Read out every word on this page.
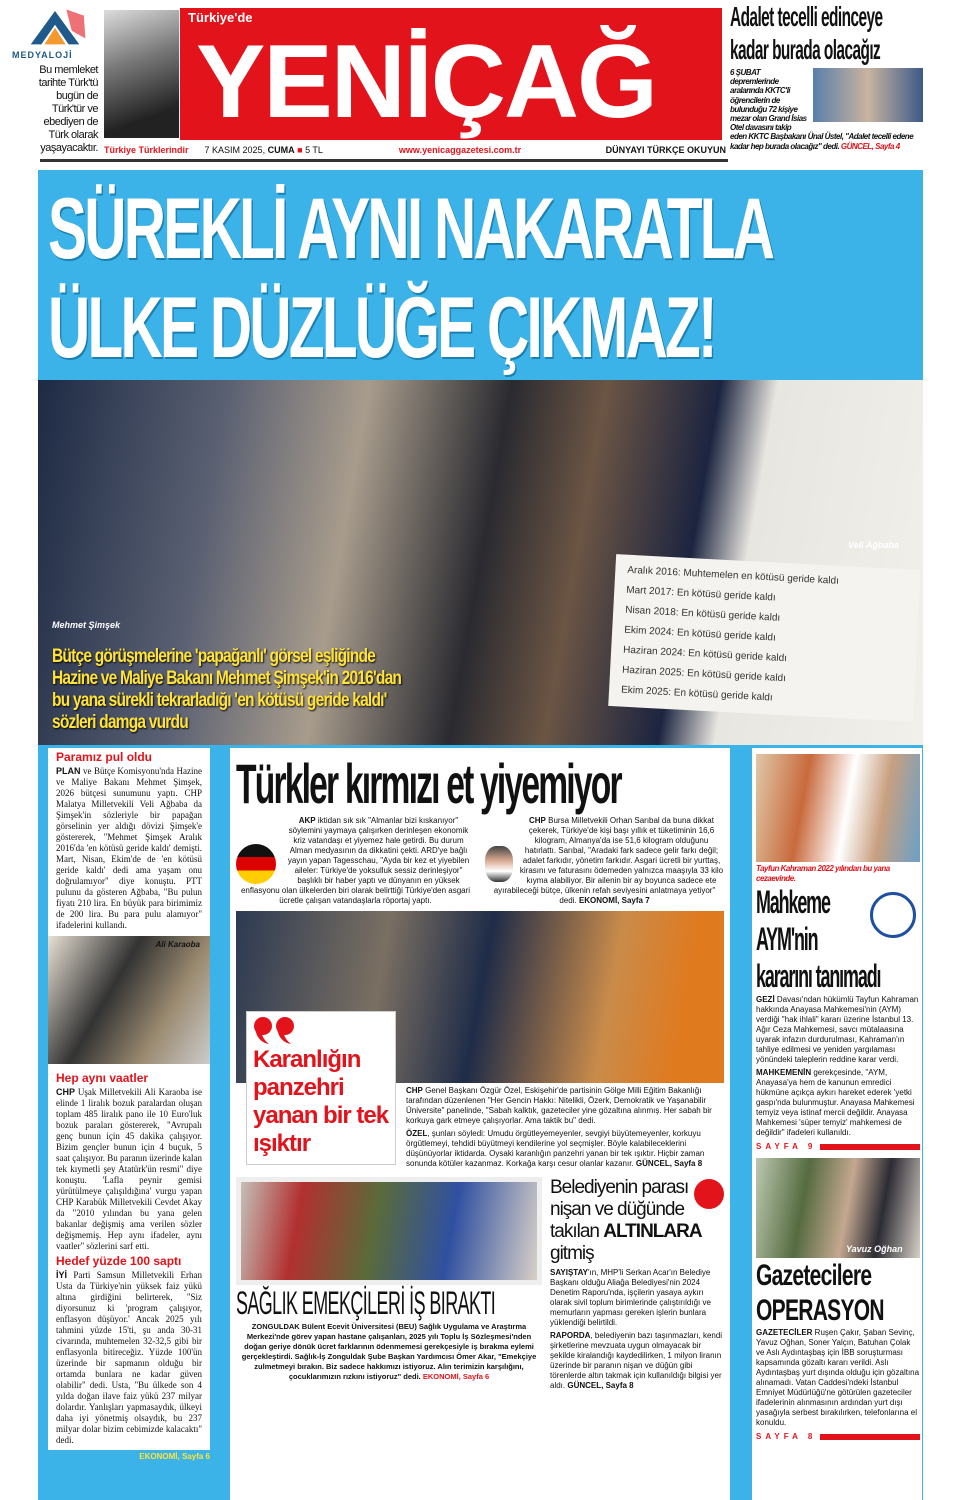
MEDYALOJİ
Bu memleket tarihte Türk'tü bugün de Türk'tür ve ebediyen de Türk olarak yaşayacaktır.
Türkiye'de
YENİÇAĞ
Türkiye Türklerindir 7 KASIM 2025, CUMA ■ 5 TL	www.yenicaggazetesi.com.tr	DÜNYAYI TÜRKÇE OKUYUN
Adalet tecelli edinceye kadar burada olacağız
6 ŞUBAT depremlerinde aralarında KKTC'li öğrencilerin de bulunduğu 72 kişiye mezar olan Grand İsias Otel davasını takip eden KKTC Başbakanı Ünal Üstel, "Adalet tecelli edene kadar hep burada olacağız" dedi. GÜNCEL, Sayfa 4
SÜREKLİ AYNI NAKARATLA
ÜLKE DÜZLÜĞE ÇIKMAZ!
Aralık 2016: Muhtemelen en kötüsü geride kaldı
Mart 2017: En kötüsü geride kaldı
Nisan 2018: En kötüsü geride kaldı
Ekim 2024: En kötüsü geride kaldı
Haziran 2024: En kötüsü geride kaldı
Haziran 2025: En kötüsü geride kaldı
Ekim 2025: En kötüsü geride kaldı
Mehmet Şimşek
Veli Ağbaba
Bütçe görüşmelerine 'papağanlı' görsel eşliğinde Hazine ve Maliye Bakanı Mehmet Şimşek'in 2016'dan bu yana sürekli tekrarladığı 'en kötüsü geride kaldı' sözleri damga vurdu
Paramız pul oldu

PLAN ve Bütçe Komisyonu'nda Hazine ve Maliye Bakanı Mehmet Şimşek, 2026 bütçesi sunumunu yaptı. CHP Malatya Milletvekili Veli Ağbaba da Şimşek'in sözleriyle bir papağan görselinin yer aldığı dövizi Şimşek'e göstererek, "Mehmet Şimşek Aralık 2016'da 'en kötüsü geride kaldı' demişti. Mart, Nisan, Ekim'de de 'en kötüsü geride kaldı' dedi ama yaşam onu doğrulamıyor" diye konuştu. PTT pulunu da gösteren Ağbaba, "Bu pulun fiyatı 210 lira. En büyük para birimimiz de 200 lira. Bu para pulu alamıyor" ifadelerini kullandı.

Ali Karaoba
Hep aynı vaatler

CHP Uşak Milletvekili Ali Karaoba ise elinde 1 liralık bozuk paralardan oluşan toplam 485 liralık pano ile 10 Euro'luk bozuk paraları göstererek, "Avrupalı genç bunun için 45 dakika çalışıyor. Bizim gençler bunun için 4 buçuk, 5 saat çalışıyor. Bu paranın üzerinde kalan tek kıymetli şey Atatürk'ün resmi" diye konuştu. 'Lafla peynir gemisi yürütülmeye çalışıldığına' vurgu yapan CHP Karabük Milletvekili Cevdet Akay da "2010 yılından bu yana gelen bakanlar değişmiş ama verilen sözler değişmemiş. Hep aynı ifadeler, aynı vaatler" sözlerini sarf etti.

Hedef yüzde 100 saptı

İYİ Parti Samsun Milletvekili Erhan Usta da Türkiye'nin yüksek faiz yükü altına girdiğini belirterek, "Siz diyorsunuz ki 'program çalışıyor, enflasyon düşüyor.' Ancak 2025 yılı tahmini yüzde 15'ti, şu anda 30-31 civarında, muhtemelen 32-32,5 gibi bir enflasyonla bitireceğiz. Yüzde 100'ün üzerinde bir sapmanın olduğu bir ortamda bunlara ne kadar güven olabilir" dedi. Usta, "Bu ülkede son 4 yılda doğan ilave faiz yükü 237 milyar dolardır. Yanlışları yapmasaydık, ülkeyi daha iyi yönetmiş olsaydık, bu 237 milyar dolar bizim cebimizde kalacaktı" dedi.

EKONOMİ, Sayfa 6
Türkler kırmızı et yiyemiyor

AKP iktidan sık sık "Almanlar bizi kıskanıyor" söylemini yaymaya çalışırken derinleşen ekonomik kriz vatandaşı et yiyemez hale getirdi. Bu durum Alman medyasının da dikkatini çekti. ARD'ye bağlı yayın yapan Tagesschau, "Ayda bir kez et yiyebilen aileler: Türkiye'de yoksulluk sessiz derinleşiyor" başlıklı bir haber yaptı ve dünyanın en yüksek enflasyonu olan ülkelerden biri olarak belirttiği Türkiye'den asgari ücretle çalışan vatandaşlarla röportaj yaptı.

CHP Bursa Milletvekili Orhan Sarıbal da buna dikkat çekerek, Türkiye'de kişi başı yıllık et tüketiminin 16,6 kilogram, Almanya'da ise 51,6 kilogram olduğunu hatırlattı. Sarıbal, "Aradaki fark sadece gelir farkı değil; adalet farkıdır, yönetim farkıdır. Asgari ücretli bir yurttaş, kirasını ve faturasını ödemeden yalnızca maaşıyla 33 kilo kıyma alabiliyor. Bir ailenin bir ay boyunca sadece ete ayırabileceği bütçe, ülkenin refah seviyesini anlatmaya yetiyor" dedi. EKONOMİ, Sayfa 7

Karanlığın panzehri yanan bir tek ışıktır

CHP Genel Başkanı Özgür Özel, Eskişehir'de partisinin Gölge Milli Eğitim Bakanlığı tarafından düzenlenen "Her Gencin Hakkı: Nitelikli, Özerk, Demokratik ve Yaşanabilir Üniversite" panelinde, "Sabah kalktık, gazeteciler yine gözaltına alınmış. Her sabah bir korkuya gark etmeye çalışıyorlar. Ama taktik bu" dedi.

ÖZEL, şunları söyledi: Umudu örgütleyemeyenler, sevgiyi büyütemeyenler, korkuyu örgütlemeyi, tehdidi büyütmeyi kendilerine yol seçmişler. Böyle kalabileceklerini düşünüyorlar iktidarda. Oysaki karanlığın panzehri yanan bir tek ışıktır. Hiçbir zaman sonunda kötüler kazanmaz. Korkağa karşı cesur olanlar kazanır. GÜNCEL, Sayfa 8

SAĞLIK EMEKÇİLERİ İŞ BIRAKTI

ZONGULDAK Bülent Ecevit Üniversitesi (BEU) Sağlık Uygulama ve Araştırma Merkezi'nde görev yapan hastane çalışanları, 2025 yılı Toplu İş Sözleşmesi'nden doğan geriye dönük ücret farklarının ödenmemesi gerekçesiyle iş bırakma eylemi gerçekleştirdi. Sağlık-İş Zonguldak Şube Başkan Yardımcısı Ömer Akar, "Emekçiye zulmetmeyi bırakın. Biz sadece hakkımızı istiyoruz. Alın terimizin karşılığını, çocuklarımızın rızkını istiyoruz" dedi. EKONOMİ, Sayfa 6

Belediyenin parası nişan ve düğünde takılan ALTINLARA gitmiş

SAYIŞTAY'ın, MHP'li Serkan Acar'ın Belediye Başkanı olduğu Aliağa Belediyesi'nin 2024 Denetim Raporu'nda, işçilerin yasaya aykırı olarak sivil toplum birimlerinde çalıştırıldığı ve memurların yapması gereken işlerin bunlara yüklendiği belirtildi.

RAPORDA, belediyenin bazı taşınmazları, kendi şirketlerine mevzuata uygun olmayacak bir şekilde kiralandığı kaydedilirken, 1 milyon liranın üzerinde bir paranın nişan ve düğün gibi törenlerde altın takmak için kullanıldığı bilgisi yer aldı. GÜNCEL, Sayfa 8

Tayfun Kahraman 2022 yılından bu yana cezaevinde.
Mahkeme
AYM'nin
kararını tanımadı

GEZİ Davası'ndan hükümlü Tayfun Kahraman hakkında Anayasa Mahkemesi'nin (AYM) verdiği "hak ihlali" kararı üzerine İstanbul 13. Ağır Ceza Mahkemesi, savcı mütalaasına uyarak infazın durdurulması, Kahraman'ın tahliye edilmesi ve yeniden yargılaması yönündeki taleplerin reddine karar verdi.

MAHKEMENİN gerekçesinde, "AYM, Anayasa'ya hem de kanunun emredici hükmüne açıkça aykırı hareket ederek 'yetki gaspı'nda bulunmuştur. Anayasa Mahkemesi temyiz veya istinaf mercii değildir. Anayasa Mahkemesi 'süper temyiz' mahkemesi de değildir" ifadeleri kullanıldı.

SAYFA 9
Yavuz Oğhan
Gazetecilere
OPERASYON

GAZETECİLER Ruşen Çakır, Şaban Sevinç, Yavuz Oğhan, Soner Yalçın, Batuhan Çolak ve Aslı Aydıntaşbaş için İBB soruşturması kapsamında gözaltı kararı verildi. Aslı Aydıntaşbaş yurt dışında olduğu için gözaltına alınamadı. Vatan Caddesi'ndeki İstanbul Emniyet Müdürlüğü'ne götürülen gazeteciler ifadelerinin alınmasının ardından yurt dışı yasağıyla serbest bırakılırken, telefonlarına el konuldu.

SAYFA 8
